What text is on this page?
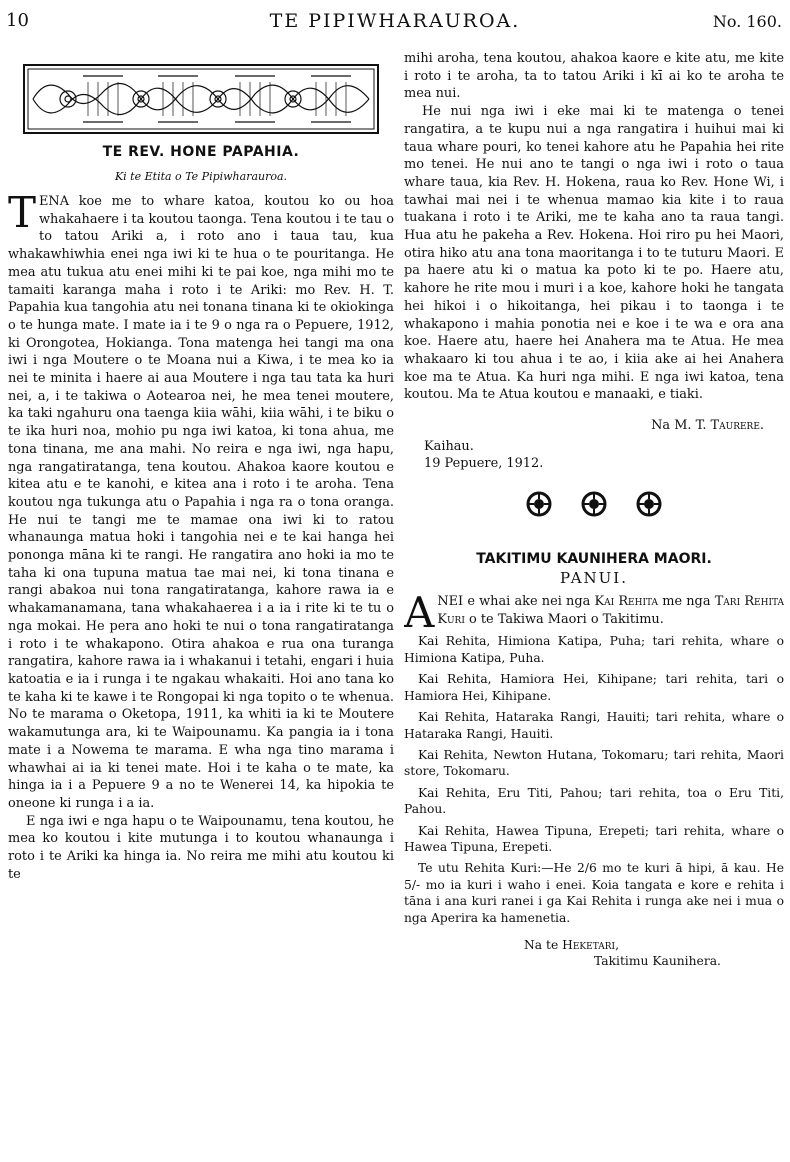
10	TE PIPIWHARAUROA.	No. 160.
TE REV. HONE PAPAHIA.
Ki te Etita o Te Pipiwharauroa.

TENA koe me to whare katoa, koutou ko ou hoa whakahaere i ta koutou taonga. Tena koutou i te tau o to tatou Ariki a, i roto ano i taua tau, kua whakawhiwhia enei nga iwi ki te hua o te pouritanga. He mea atu tukua atu enei mihi ki te pai koe, nga mihi mo te tamaiti karanga maha i roto i te Ariki: mo Rev. H. T. Papahia kua tangohia atu nei tonana tinana ki te okiokinga o te hunga mate. I mate ia i te 9 o nga ra o Pepuere, 1912, ki Orongotea, Hokianga. Tona matenga hei tangi ma ona iwi i nga Moutere o te Moana nui a Kiwa, i te mea ko ia nei te minita i haere ai aua Moutere i nga tau tata ka huri nei, a, i te takiwa o Aotearoa nei, he mea tenei moutere, ka taki ngahuru ona taenga kiia wāhi, kiia wāhi, i te biku o te ika huri noa, mohio pu nga iwi katoa, ki tona ahua, me tona tinana, me ana mahi. No reira e nga iwi, nga hapu, nga rangatiratanga, tena koutou. Ahakoa kaore koutou e kitea atu e te kanohi, e kitea ana i roto i te aroha. Tena koutou nga tukunga atu o Papahia i nga ra o tona oranga. He nui te tangi me te mamae ona iwi ki to ratou whanaunga matua hoki i tangohia nei e te kai hanga hei pononga māna ki te rangi. He rangatira ano hoki ia mo te taha ki ona tupuna matua tae mai nei, ki tona tinana e rangi abakoa nui tona rangatiratanga, kahore rawa ia e whakamanamana, tana whakahaerea i a ia i rite ki te tu o nga mokai. He pera ano hoki te nui o tona rangatiratanga i roto i te whakapono. Otira ahakoa e rua ona turanga rangatira, kahore rawa ia i whakanui i tetahi, engari i huia katoatia e ia i runga i te ngakau whakaiti. Hoi ano tana ko te kaha ki te kawe i te Rongopai ki nga topito o te whenua. No te marama o Oketopa, 1911, ka whiti ia ki te Moutere wakamutunga ara, ki te Waipounamu. Ka pangia ia i tona mate i a Nowema te marama. E wha nga tino marama i whawhai ai ia ki tenei mate. Hoi i te kaha o te mate, ka hinga ia i a Pepuere 9 a no te Wenerei 14, ka hipokia te oneone ki runga i a ia.

E nga iwi e nga hapu o te Waipounamu, tena koutou, he mea ko koutou i kite mutunga i to koutou whanaunga i roto i te Ariki ka hinga ia. No reira me mihi atu koutou ki te

mihi aroha, tena koutou, ahakoa kaore e kite atu, me kite i roto i te aroha, ta to tatou Ariki i kī ai ko te aroha te mea nui.

He nui nga iwi i eke mai ki te matenga o tenei rangatira, a te kupu nui a nga rangatira i huihui mai ki taua whare pouri, ko tenei kahore atu he Papahia hei rite mo tenei. He nui ano te tangi o nga iwi i roto o taua whare taua, kia Rev. H. Hokena, raua ko Rev. Hone Wi, i tawhai mai nei i te whenua mamao kia kite i to raua tuakana i roto i te Ariki, me te kaha ano ta raua tangi. Hua atu he pakeha a Rev. Hokena. Hoi riro pu hei Maori, otira hiko atu ana tona maoritanga i to te tuturu Maori. E pa haere atu ki o matua ka poto ki te po. Haere atu, kahore he rite mou i muri i a koe, kahore hoki he tangata hei hikoi i o hikoitanga, hei pikau i to taonga i te whakapono i mahia ponotia nei e koe i te wa e ora ana koe. Haere atu, haere hei Anahera ma te Atua. He mea whakaaro ki tou ahua i te ao, i kiia ake ai hei Anahera koe ma te Atua. Ka huri nga mihi. E nga iwi katoa, tena koutou. Ma te Atua koutou e manaaki, e tiaki.

Na M. T. Taurere.
Kaihau.
19 Pepuere, 1912.

TAKITIMU KAUNIHERA MAORI.
PANUI.

ANEI e whai ake nei nga Kai Rehita me nga Tari Rehita Kuri o te Takiwa Maori o Takitimu.

Kai Rehita, Himiona Katipa, Puha; tari rehita, whare o Himiona Katipa, Puha.

Kai Rehita, Hamiora Hei, Kihipane; tari rehita, tari o Hamiora Hei, Kihipane.

Kai Rehita, Hataraka Rangi, Hauiti; tari rehita, whare o Hataraka Rangi, Hauiti.

Kai Rehita, Newton Hutana, Tokomaru; tari rehita, Maori store, Tokomaru.

Kai Rehita, Eru Titi, Pahou; tari rehita, toa o Eru Titi, Pahou.

Kai Rehita, Hawea Tipuna, Erepeti; tari rehita, whare o Hawea Tipuna, Erepeti.

Te utu Rehita Kuri:—He 2/6 mo te kuri ā hipi, ā kau. He 5/- mo ia kuri i waho i enei. Koia tangata e kore e rehita i tāna i ana kuri ranei i ga Kai Rehita i runga ake nei i mua o nga Aperira ka hamenetia.

Na te Heketari,
Takitimu Kaunihera.
